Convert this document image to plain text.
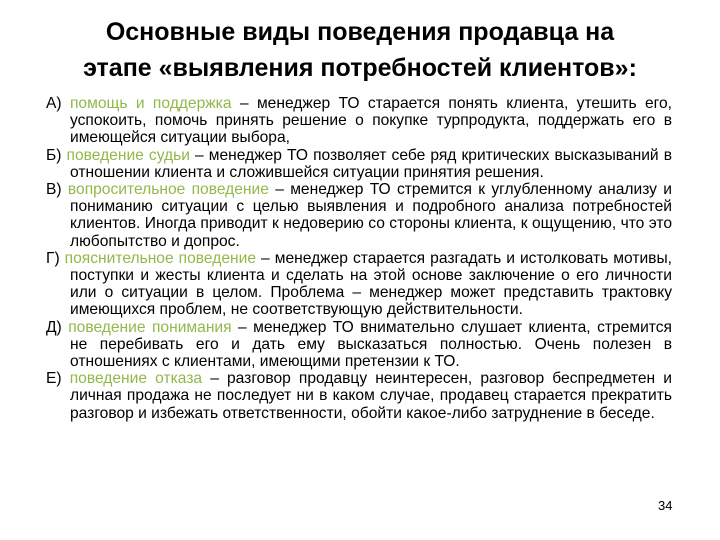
Основные виды поведения продавца на
этапе «выявления потребностей клиентов»:

А) помощь и поддержка – менеджер ТО старается понять клиента, утешить его, успокоить, помочь принять решение о покупке турпродукта, поддержать его в имеющейся ситуации выбора,

Б) поведение судьи – менеджер ТО позволяет себе ряд критических высказываний в отношении клиента и сложившейся ситуации принятия решения.

В) вопросительное поведение – менеджер ТО стремится к углубленному анализу и пониманию ситуации с целью выявления и подробного анализа потребностей клиентов. Иногда приводит к недоверию со стороны клиента, к ощущению, что это любопытство и допрос.

Г) пояснительное поведение – менеджер старается разгадать и истолковать мотивы, поступки и жесты клиента и сделать на этой основе заключение о его личности или о ситуации в целом. Проблема – менеджер может представить трактовку имеющихся проблем, не соответствующую действительности.

Д) поведение понимания – менеджер ТО внимательно слушает клиента, стремится не перебивать его и дать ему высказаться полностью. Очень полезен в отношениях с клиентами, имеющими претензии к ТО.

Е) поведение отказа – разговор продавцу неинтересен, разговор беспредметен и личная продажа не последует ни в каком случае, продавец старается прекратить разговор и избежать ответственности, обойти какое-либо затруднение в беседе.

34
